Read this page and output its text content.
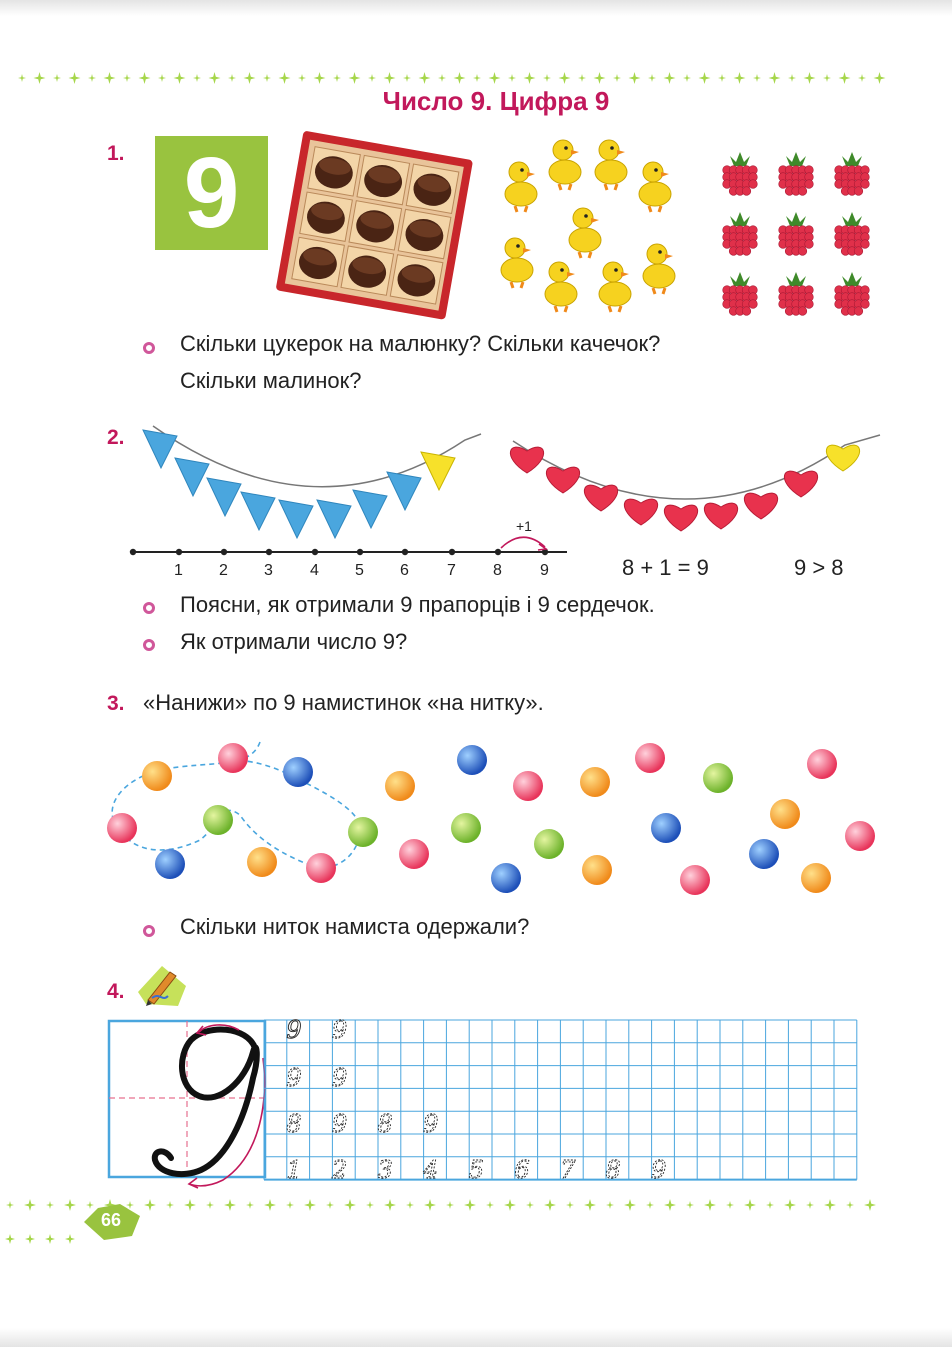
Число 9. Цифра 9
1. 9
Скільки цукерок на малюнку? Скільки качечок?
Скільки малинок?
2.
+1
1 2 3 4 5 6 7 8 9	8 + 1 = 9	9 > 8
Поясни, як отримали 9 прапорців і 9 сердечок.
Як отримали число 9?
3. «Нанижи» по 9 намистинок «на нитку».
Скільки ниток намиста одержали?
4.
9 9
9 9
8 9 8 9
1 2 3 4 5 6 7 8 9
66
